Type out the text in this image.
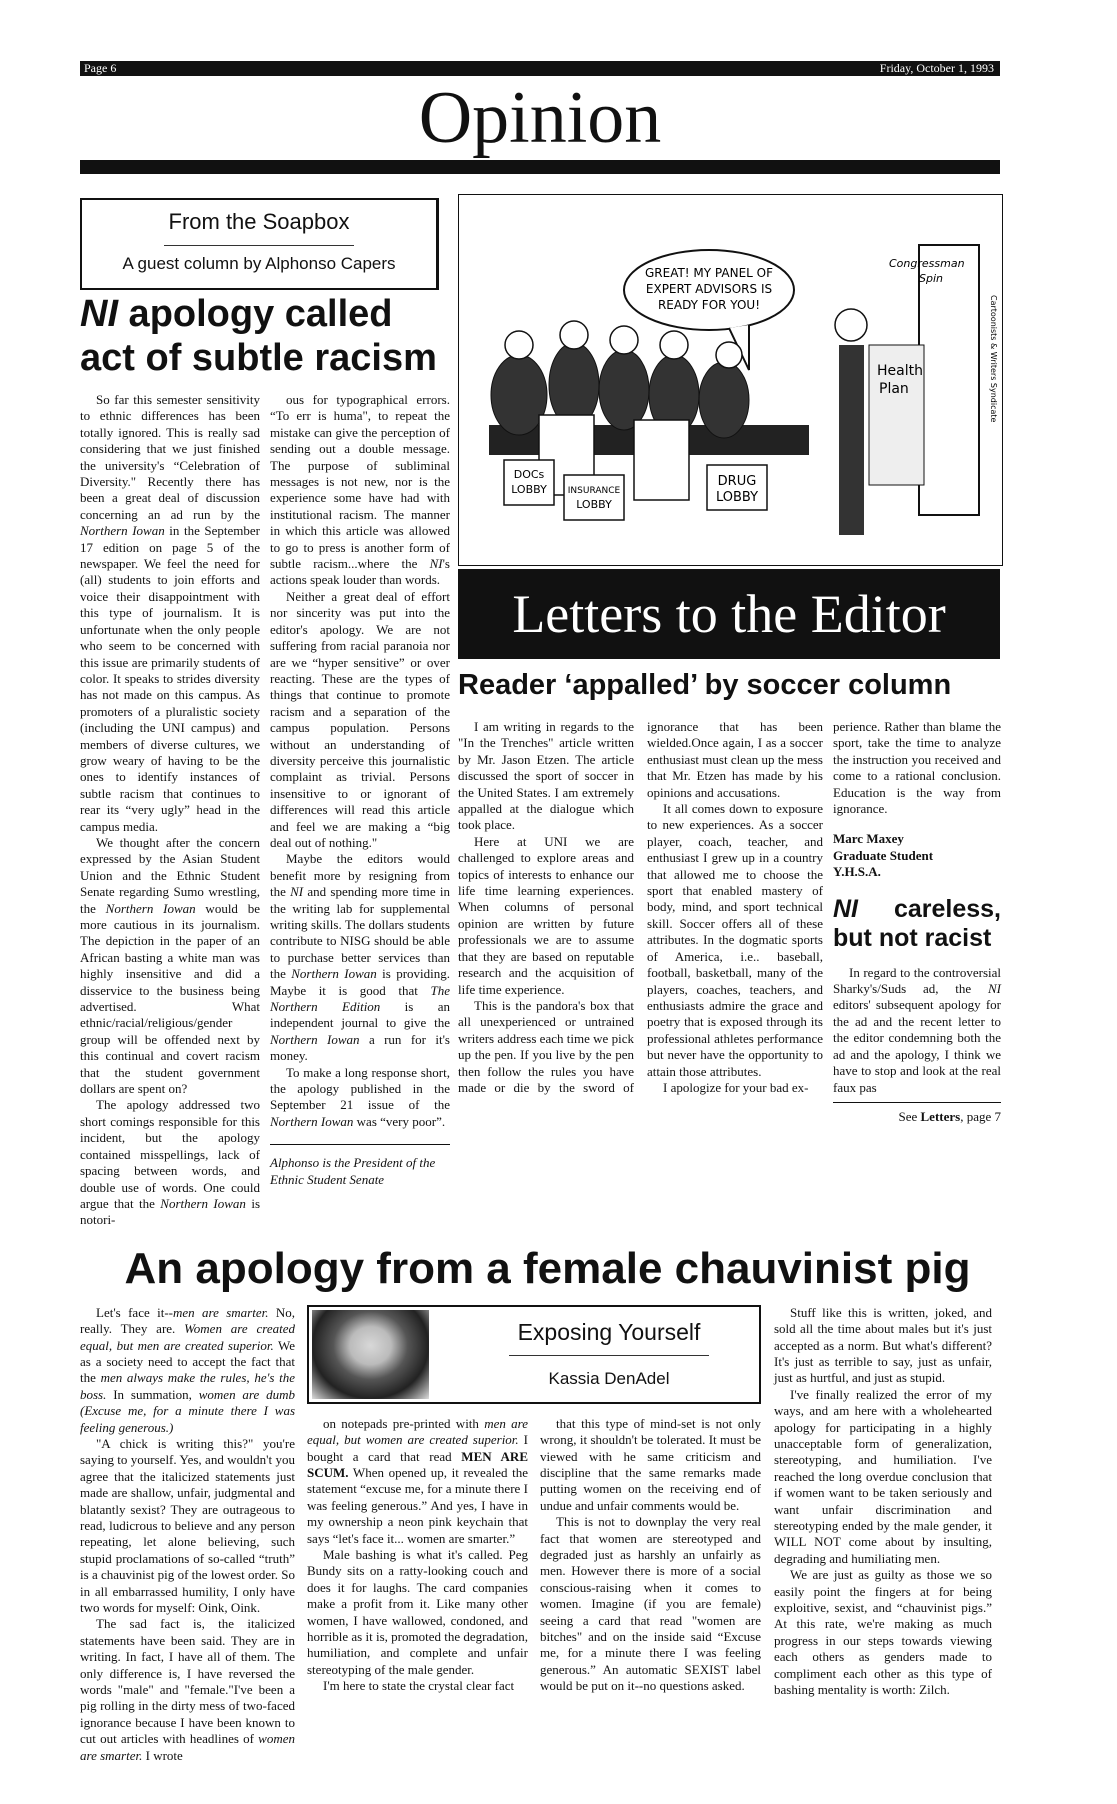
Page 6	Friday, October 1, 1993
Opinion
From the Soapbox
A guest column by Alphonso Capers
NI apology called act of subtle racism

So far this semester sensitivity to ethnic differences has been totally ignored. This is really sad considering that we just finished the university's “Celebration of Diversity." Recently there has been a great deal of discussion concerning an ad run by the Northern Iowan in the September 17 edition on page 5 of the newspaper. We feel the need for (all) students to join efforts and voice their disappointment with this type of journalism. It is unfortunate when the only people who seem to be concerned with this issue are primarily students of color. It speaks to strides diversity has not made on this campus. As promoters of a pluralistic society (including the UNI campus) and members of diverse cultures, we grow weary of having to be the ones to identify instances of subtle racism that continues to rear its “very ugly” head in the campus media.

We thought after the concern expressed by the Asian Student Union and the Ethnic Student Senate regarding Sumo wrestling, the Northern Iowan would be more cautious in its journalism. The depiction in the paper of an African basting a white man was highly insensitive and did a disservice to the business being advertised. What ethnic/racial/religious/gender group will be offended next by this continual and covert racism that the student government dollars are spent on?

The apology addressed two short comings responsible for this incident, but the apology contained misspellings, lack of spacing between words, and double use of words. One could argue that the Northern Iowan is notori-

ous for typographical errors. “To err is huma", to repeat the mistake can give the perception of sending out a double message. The purpose of subliminal messages is not new, nor is the experience some have had with institutional racism. The manner in which this article was allowed to go to press is another form of subtle racism...where the NI's actions speak louder than words.

Neither a great deal of effort nor sincerity was put into the editor's apology. We are not suffering from racial paranoia nor are we “hyper sensitive” or over reacting. These are the types of things that continue to promote racism and a separation of the campus population. Persons without an understanding of diversity perceive this journalistic complaint as trivial. Persons insensitive to or ignorant of differences will read this article and feel we are making a “big deal out of nothing."

Maybe the editors would benefit more by resigning from the NI and spending more time in the writing lab for supplemental writing skills. The dollars students contribute to NISG should be able to purchase better services than the Northern Iowan is providing. Maybe it is good that The Northern Edition is an independent journal to give the Northern Iowan a run for it's money.

To make a long response short, the apology published in the September 21 issue of the Northern Iowan was “very poor”.

Alphonso is the President of the Ethnic Student Senate
GREAT! MY PANEL OF
EXPERT ADVISORS IS
READY FOR YOU!
Congressman
Spin
Health
Plan
DOCs
LOBBY INSURANCE
LOBBY
DRUG
LOBBY
Cartoonists & Writers Syndicate
Letters to the Editor
Reader ‘appalled’ by soccer column

I am writing in regards to the "In the Trenches" article written by Mr. Jason Etzen. The article discussed the sport of soccer in the United States. I am extremely appalled at the dialogue which took place.

Here at UNI we are challenged to explore areas and topics of interests to enhance our life time learning experiences. When columns of personal opinion are written by future professionals we are to assume that they are based on reputable research and the acquisition of life time experience.

This is the pandora's box that all unexperienced or untrained writers address each time we pick up the pen. If you live by the pen then follow the rules you have made or die by the sword of ignorance that has been wielded.Once again, I as a soccer enthusiast must clean up the mess that Mr. Etzen has made by his opinions and accusations.

It all comes down to exposure to new experiences. As a soccer player, coach, teacher, and enthusiast I grew up in a country that allowed me to choose the sport that enabled mastery of body, mind, and sport technical skill. Soccer offers all of these attributes. In the dogmatic sports of America, i.e.. baseball, football, basketball, many of the players, coaches, teachers, and enthusiasts admire the grace and poetry that is exposed through its professional athletes performance but never have the opportunity to attain those attributes.

I apologize for your bad ex-

perience. Rather than blame the sport, take the time to analyze the instruction you received and come to a rational conclusion. Education is the way from ignorance.

Marc Maxey
Graduate Student
Y.H.S.A.
NI careless, but not racist

In regard to the controversial Sharky's/Suds ad, the NI editors' subsequent apology for the ad and the recent letter to the editor condemning both the ad and the apology, I think we have to stop and look at the real faux pas

See Letters, page 7
An apology from a female chauvinist pig

Let's face it--men are smarter. No, really. They are. Women are created equal, but men are created superior. We as a society need to accept the fact that the men always make the rules, he's the boss. In summation, women are dumb (Excuse me, for a minute there I was feeling generous.)

"A chick is writing this?" you're saying to yourself. Yes, and wouldn't you agree that the italicized statements just made are shallow, unfair, judgmental and blatantly sexist? They are outrageous to read, ludicrous to believe and any person repeating, let alone believing, such stupid proclamations of so-called “truth” is a chauvinist pig of the lowest order. So in all embarrassed humility, I only have two words for myself: Oink, Oink.

The sad fact is, the italicized statements have been said. They are in writing. In fact, I have all of them. The only difference is, I have reversed the words "male" and "female."I've been a pig rolling in the dirty mess of two-faced ignorance because I have been known to cut out articles with headlines of women are smarter. I wrote

Exposing Yourself
Kassia DenAdel

on notepads pre-printed with men are equal, but women are created superior. I bought a card that read MEN ARE SCUM. When opened up, it revealed the statement “excuse me, for a minute there I was feeling generous.” And yes, I have in my ownership a neon pink keychain that says “let's face it... women are smarter.”

Male bashing is what it's called. Peg Bundy sits on a ratty-looking couch and does it for laughs. The card companies make a profit from it. Like many other women, I have wallowed, condoned, and horrible as it is, promoted the degradation, humiliation, and complete and unfair stereotyping of the male gender.

I'm here to state the crystal clear fact

that this type of mind-set is not only wrong, it shouldn't be tolerated. It must be viewed with he same criticism and discipline that the same remarks made putting women on the receiving end of undue and unfair comments would be.

This is not to downplay the very real fact that women are stereotyped and degraded just as harshly an unfairly as men. However there is more of a social conscious-raising when it comes to women. Imagine (if you are female) seeing a card that read "women are bitches" and on the inside said “Excuse me, for a minute there I was feeling generous.” An automatic SEXIST label would be put on it--no questions asked.

Stuff like this is written, joked, and sold all the time about males but it's just accepted as a norm. But what's different? It's just as terrible to say, just as unfair, just as hurtful, and just as stupid.

I've finally realized the error of my ways, and am here with a wholehearted apology for participating in a highly unacceptable form of generalization, stereotyping, and humiliation. I've reached the long overdue conclusion that if women want to be taken seriously and want unfair discrimination and stereotyping ended by the male gender, it WILL NOT come about by insulting, degrading and humiliating men.

We are just as guilty as those we so easily point the fingers at for being exploitive, sexist, and “chauvinist pigs.” At this rate, we're making as much progress in our steps towards viewing each others as genders made to compliment each other as this type of bashing mentality is worth: Zilch.
